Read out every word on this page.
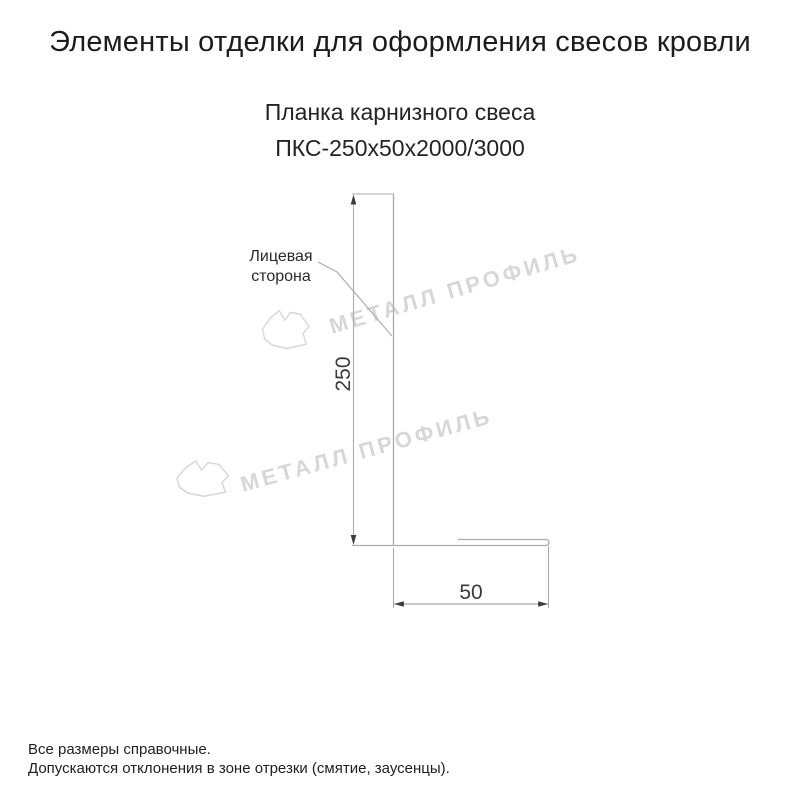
Элементы отделки для оформления свесов кровли
Планка карнизного свеса
ПКС-250х50х2000/3000
МЕТАЛЛ ПРОФИЛЬ
МЕТАЛЛ ПРОФИЛЬ
250
50
Лицевая
сторона
Все размеры справочные.
Допускаются отклонения в зоне отрезки (смятие, заусенцы).
